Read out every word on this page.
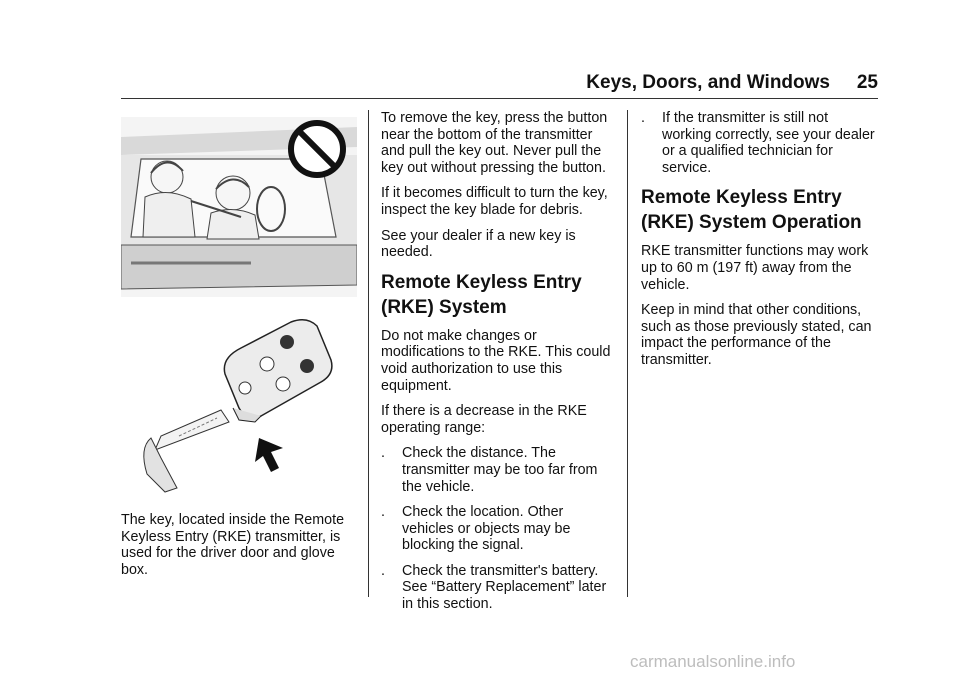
Keys, Doors, and Windows	25

The key, located inside the Remote Keyless Entry (RKE) transmitter, is used for the driver door and glove box.

To remove the key, press the button near the bottom of the transmitter and pull the key out. Never pull the key out without pressing the button.

If it becomes difficult to turn the key, inspect the key blade for debris.

See your dealer if a new key is needed.

Remote Keyless Entry (RKE) System

Do not make changes or modifications to the RKE. This could void authorization to use this equipment.

If there is a decrease in the RKE operating range:

. Check the distance. The transmitter may be too far from the vehicle.
. Check the location. Other vehicles or objects may be blocking the signal.
. Check the transmitter's battery. See “Battery Replacement” later in this section.
. If the transmitter is still not working correctly, see your dealer or a qualified technician for service.
Remote Keyless Entry (RKE) System Operation

RKE transmitter functions may work up to 60 m (197 ft) away from the vehicle.

Keep in mind that other conditions, such as those previously stated, can impact the performance of the transmitter.

carmanualsonline.info
